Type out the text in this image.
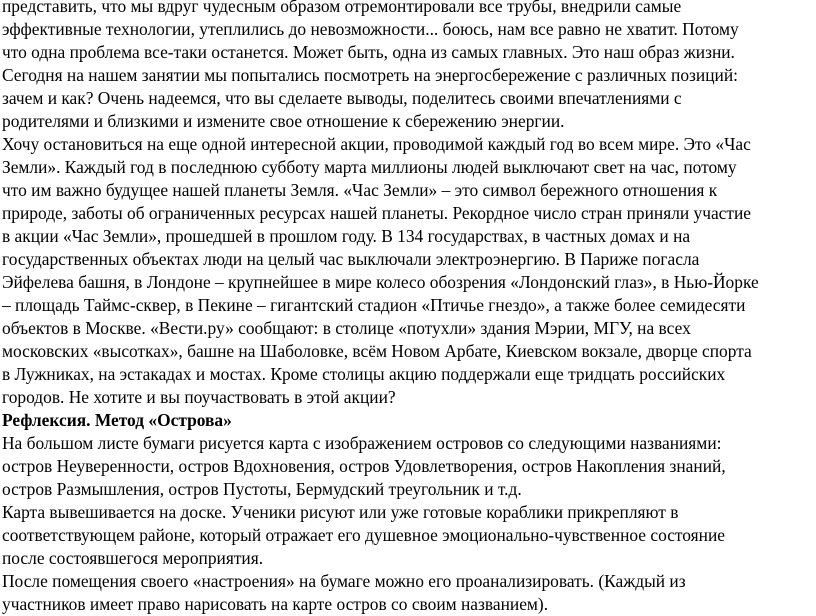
представить, что мы вдруг чудесным образом отремонтировали все трубы, внедрили самые
эффективные технологии, утеплились до невозможности... боюсь, нам все равно не хватит. Потому
что одна проблема все-таки останется. Может быть, одна из самых главных. Это наш образ жизни.
Сегодня на нашем занятии мы попытались посмотреть на энергосбережение с различных позиций:
зачем и как? Очень надеемся, что вы сделаете выводы, поделитесь своими впечатлениями с
родителями и близкими и измените свое отношение к сбережению энергии.

Хочу остановиться на еще одной интересной акции, проводимой каждый год во всем мире. Это «Час
Земли». Каждый год в последнюю субботу марта миллионы людей выключают свет на час, потому
что им важно будущее нашей планеты Земля. «Час Земли» – это символ бережного отношения к
природе, заботы об ограниченных ресурсах нашей планеты. Рекордное число стран приняли участие
в акции «Час Земли», прошедшей в прошлом году. В 134 государствах, в частных домах и на
государственных объектах люди на целый час выключали электроэнергию. В Париже погасла
Эйфелева башня, в Лондоне – крупнейшее в мире колесо обозрения «Лондонский глаз», в Нью-Йорке
– площадь Таймс-сквер, в Пекине – гигантский стадион «Птичье гнездо», а также более семидесяти
объектов в Москве. «Вести.ру» сообщают: в столице «потухли» здания Мэрии, МГУ, на всех
московских «высотках», башне на Шаболовке, всём Новом Арбате, Киевском вокзале, дворце спорта
в Лужниках, на эстакадах и мостах. Кроме столицы акцию поддержали еще тридцать российских
городов. Не хотите и вы поучаствовать в этой акции?

Рефлексия. Метод «Острова»

На большом листе бумаги рисуется карта с изображением островов со следующими названиями:
остров Неуверенности, остров Вдохновения, остров Удовлетворения, остров Накопления знаний,
остров Размышления, остров Пустоты, Бермудский треугольник и т.д.

Карта вывешивается на доске. Ученики рисуют или уже готовые кораблики прикрепляют в
соответствующем районе, который отражает его душевное эмоционально-чувственное состояние
после состоявшегося мероприятия.

После помещения своего «настроения» на бумаге можно его проанализировать. (Каждый из
участников имеет право нарисовать на карте остров со своим названием).
